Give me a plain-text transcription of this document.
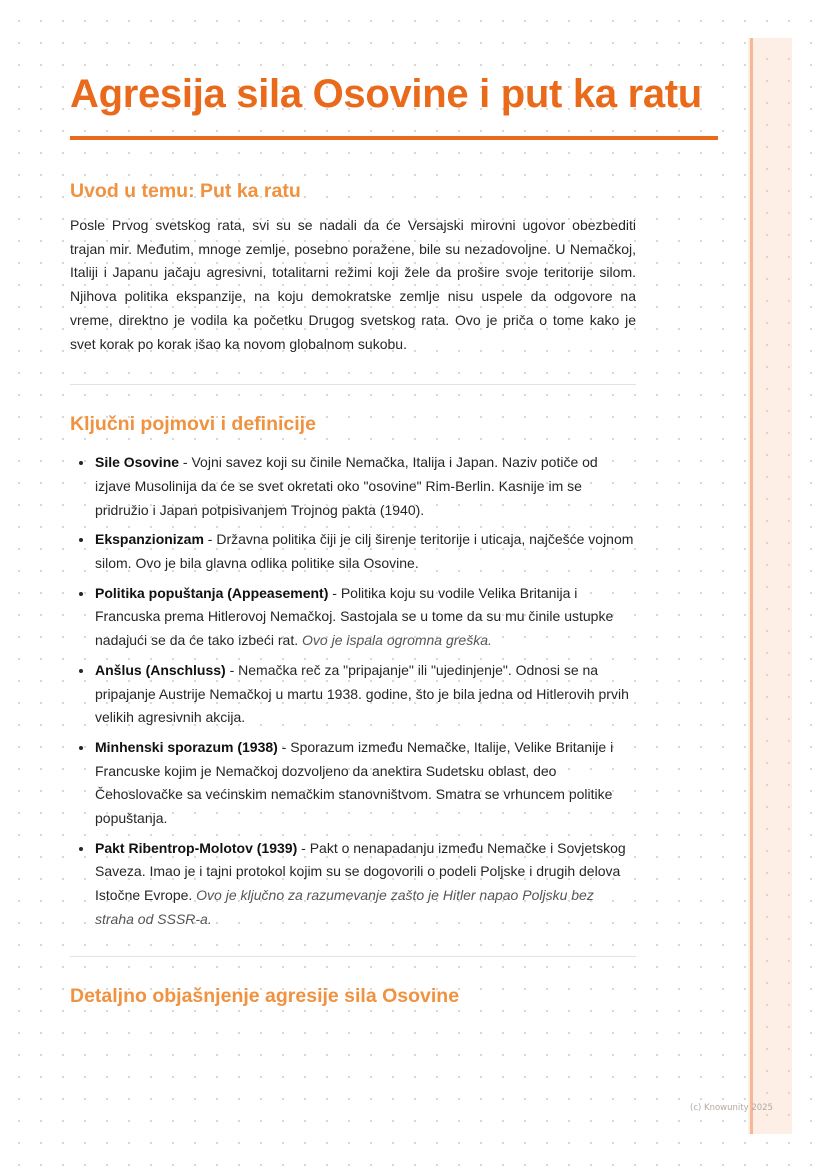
Agresija sila Osovine i put ka ratu
Uvod u temu: Put ka ratu

Posle Prvog svetskog rata, svi su se nadali da će Versajski mirovni ugovor obezbediti trajan mir. Međutim, mnoge zemlje, posebno poražene, bile su nezadovoljne. U Nemačkoj, Italiji i Japanu jačaju agresivni, totalitarni režimi koji žele da prošire svoje teritorije silom. Njihova politika ekspanzije, na koju demokratske zemlje nisu uspele da odgovore na vreme, direktno je vodila ka početku Drugog svetskog rata. Ovo je priča o tome kako je svet korak po korak išao ka novom globalnom sukobu.

Ključni pojmovi i definicije
Sile Osovine - Vojni savez koji su činile Nemačka, Italija i Japan. Naziv potiče od izjave Musolinija da će se svet okretati oko "osovine" Rim-Berlin. Kasnije im se pridružio i Japan potpisivanjem Trojnog pakta (1940).
Ekspanzionizam - Državna politika čiji je cilj širenje teritorije i uticaja, najčešće vojnom silom. Ovo je bila glavna odlika politike sila Osovine.
Politika popuštanja (Appeasement) - Politika koju su vodile Velika Britanija i Francuska prema Hitlerovoj Nemačkoj. Sastojala se u tome da su mu činile ustupke nadajući se da će tako izbeći rat. Ovo je ispala ogromna greška.
Anšlus (Anschluss) - Nemačka reč za "pripajanje" ili "ujedinjenje". Odnosi se na pripajanje Austrije Nemačkoj u martu 1938. godine, što je bila jedna od Hitlerovih prvih velikih agresivnih akcija.
Minhenski sporazum (1938) - Sporazum između Nemačke, Italije, Velike Britanije i Francuske kojim je Nemačkoj dozvoljeno da anektira Sudetsku oblast, deo Čehoslovačke sa većinskim nemačkim stanovništvom. Smatra se vrhuncem politike popuštanja.
Pakt Ribentrop-Molotov (1939) - Pakt o nenapadanju između Nemačke i Sovjetskog Saveza. Imao je i tajni protokol kojim su se dogovorili o podeli Poljske i drugih delova Istočne Evrope. Ovo je ključno za razumevanje zašto je Hitler napao Poljsku bez straha od SSSR-a.
Detaljno objašnjenje agresije sila Osovine
(c) Knowunity 2025
